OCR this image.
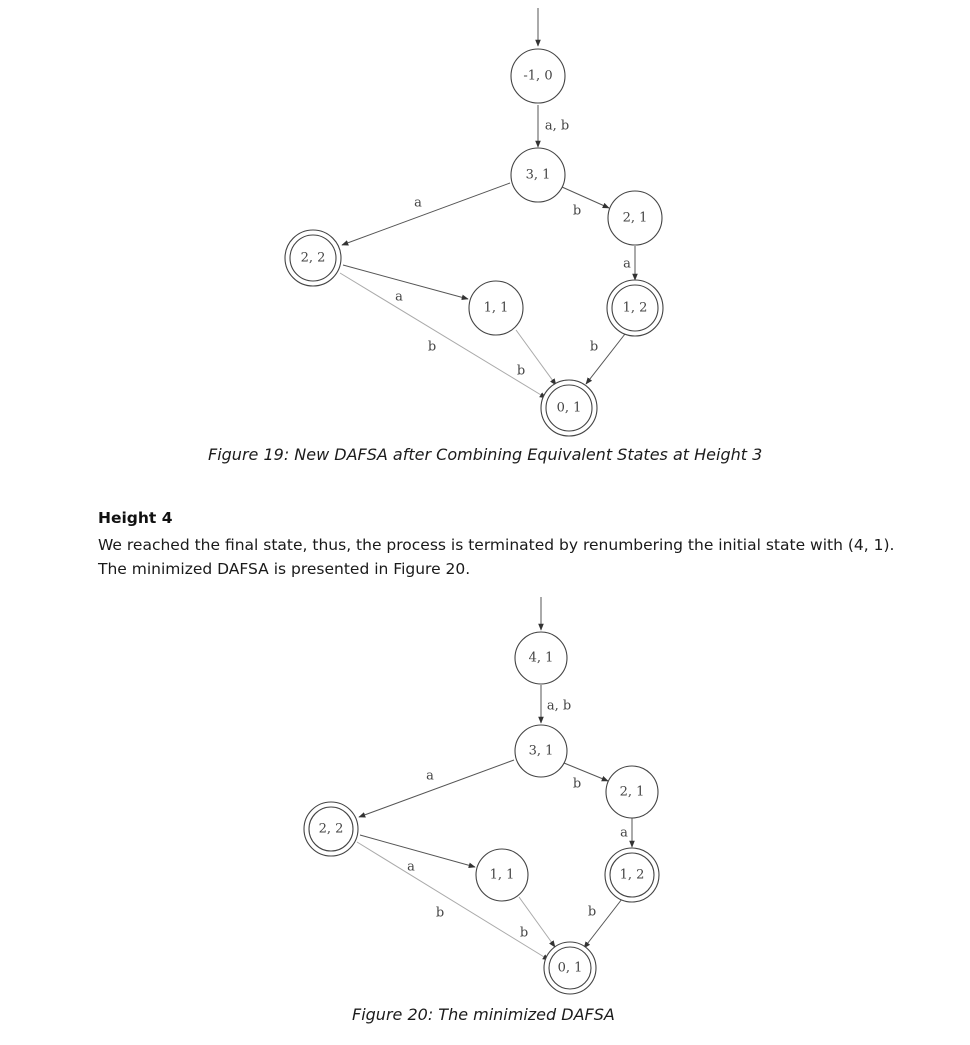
a, b
a
b
a
a
b
b
b
-1, 0
3, 1
2, 1
2, 2
1, 1	1, 2
0, 1
a, b
a
b
a
a
b
b
b
4, 1
3, 1
2, 1
2, 2
1, 1	1, 2
0, 1
Figure 19: New DAFSA after Combining Equivalent States at Height 3
Height 4
We reached the final state, thus, the process is terminated by renumbering the initial state with (4, 1). The minimized DAFSA is presented in Figure 20.
Figure 20: The minimized DAFSA
